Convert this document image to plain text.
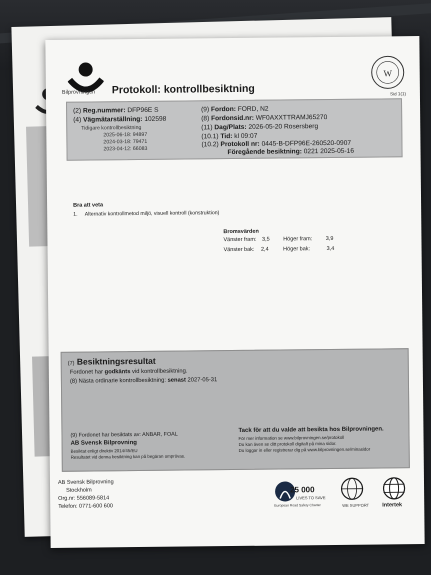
Bilprovningen Protokoll: kontrollbesiktning
W
Sid 1(1)
(2) Reg.nummer: DFP96E S
(4) Vägmätarställning: 102598
Tidigare kontrollbesiktning
2025-06-18: 94897
2024-03-18: 79471
2023-04-12: 66083
(9) Fordon: FORD, N2
(8) Fordonsid.nr: WF0AXXTTRAMJ65270
(11) Dag/Plats: 2026-05-20 Rosersberg
(10.1) Tid: kl 09:07
(10.2) Protokoll nr: 0445-B-DFP96E-260520-0907
Föregående besiktning: 0221 2025-05-16
Bra att veta
1. Alternativ kontrollmetod miljö, visuell kontroll (konstruktion)
Bromsvärden
Vänster fram: 3,5 Höger fram: 3,9
Vänster bak: 2,4	Höger bak:	3,4
(7) Besiktningsresultat
Fordonet har godkänts vid kontrollbesiktning.
(8) Nästa ordinarie kontrollbesiktning: senast 2027-05-31
(9) Fordonet har besiktats av: ANBAR, FOAL
AB Svensk Bilprovning
Besiktat enligt direktiv 2014/45/EU
Resultatet vid denna besiktning kan på begäran omprövas.
Tack för att du valde att besikta hos Bilprovningen.
För mer information se www.bilprovningen.se/protokoll
Du kan även se ditt protokoll digitalt på mina sidor.
Du loggar in eller registrerar dig på www.bilprovningen.se/minasidor
AB Svensk Bilprovning
Stockholm
Org.nr: 556089-5814
Telefon: 0771-600 600
25 000
LIVES TO SAVE
European Road Safety Charter	WE SUPPORT Intertek
